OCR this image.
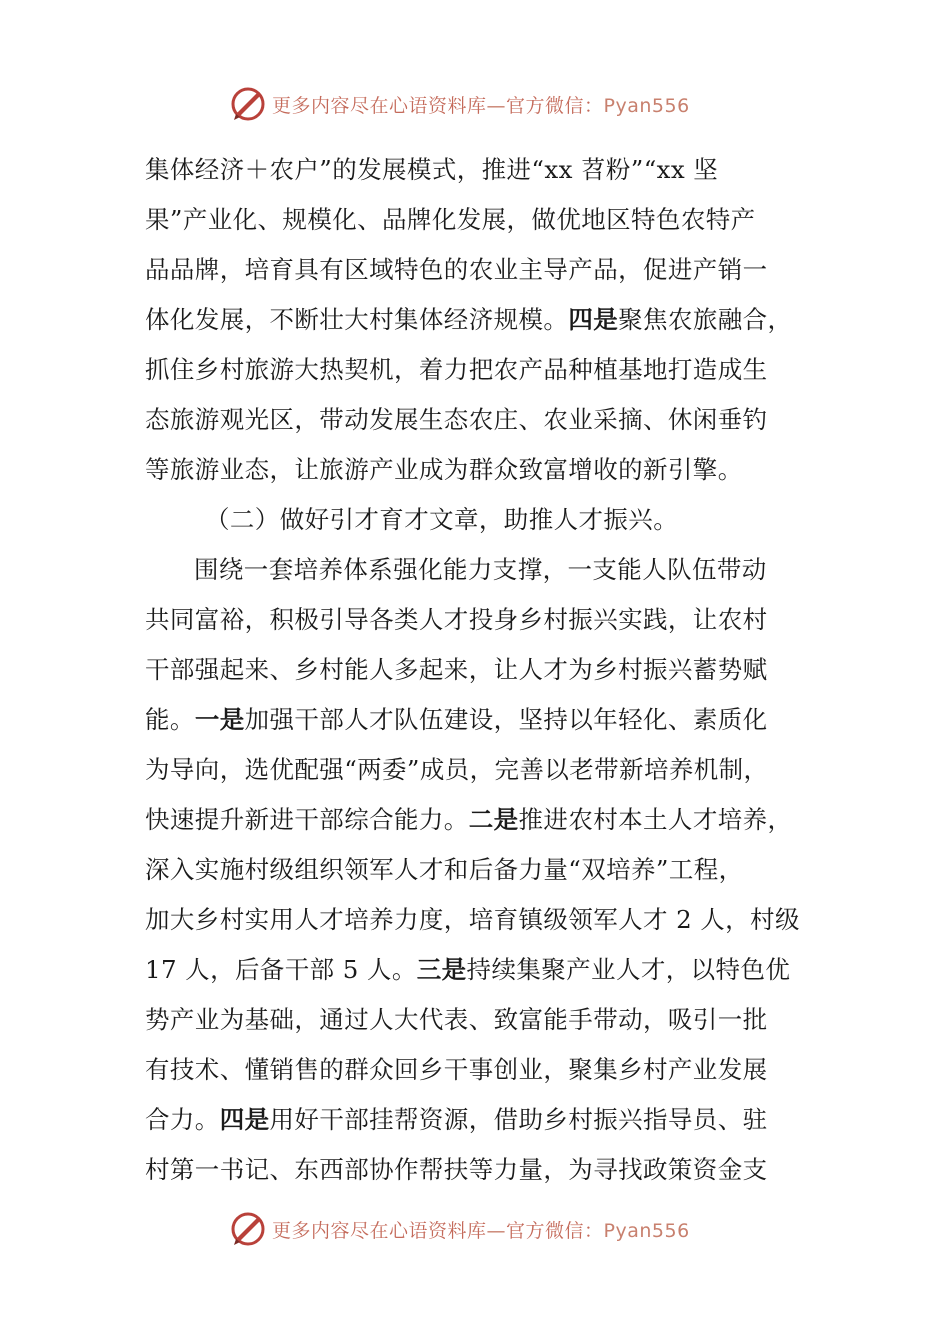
更多内容尽在心语资料库—官方微信：Pyan556
集体经济＋农户”的发展模式，推进“xx 苕粉”“xx 坚
果”产业化、规模化、品牌化发展，做优地区特色农特产
品品牌，培育具有区域特色的农业主导产品，促进产销一
体化发展，不断壮大村集体经济规模。四是聚焦农旅融合，
抓住乡村旅游大热契机，着力把农产品种植基地打造成生
态旅游观光区，带动发展生态农庄、农业采摘、休闲垂钓
等旅游业态，让旅游产业成为群众致富增收的新引擎。
（二）做好引才育才文章，助推人才振兴。
围绕一套培养体系强化能力支撑，一支能人队伍带动
共同富裕，积极引导各类人才投身乡村振兴实践，让农村
干部强起来、乡村能人多起来，让人才为乡村振兴蓄势赋
能。一是加强干部人才队伍建设，坚持以年轻化、素质化
为导向，选优配强“两委”成员，完善以老带新培养机制，
快速提升新进干部综合能力。二是推进农村本土人才培养，
深入实施村级组织领军人才和后备力量“双培养”工程，
加大乡村实用人才培养力度，培育镇级领军人才 2 人，村级
17 人，后备干部 5 人。三是持续集聚产业人才，以特色优
势产业为基础，通过人大代表、致富能手带动，吸引一批
有技术、懂销售的群众回乡干事创业，聚集乡村产业发展
合力。四是用好干部挂帮资源，借助乡村振兴指导员、驻
村第一书记、东西部协作帮扶等力量，为寻找政策资金支
更多内容尽在心语资料库—官方微信：Pyan556
